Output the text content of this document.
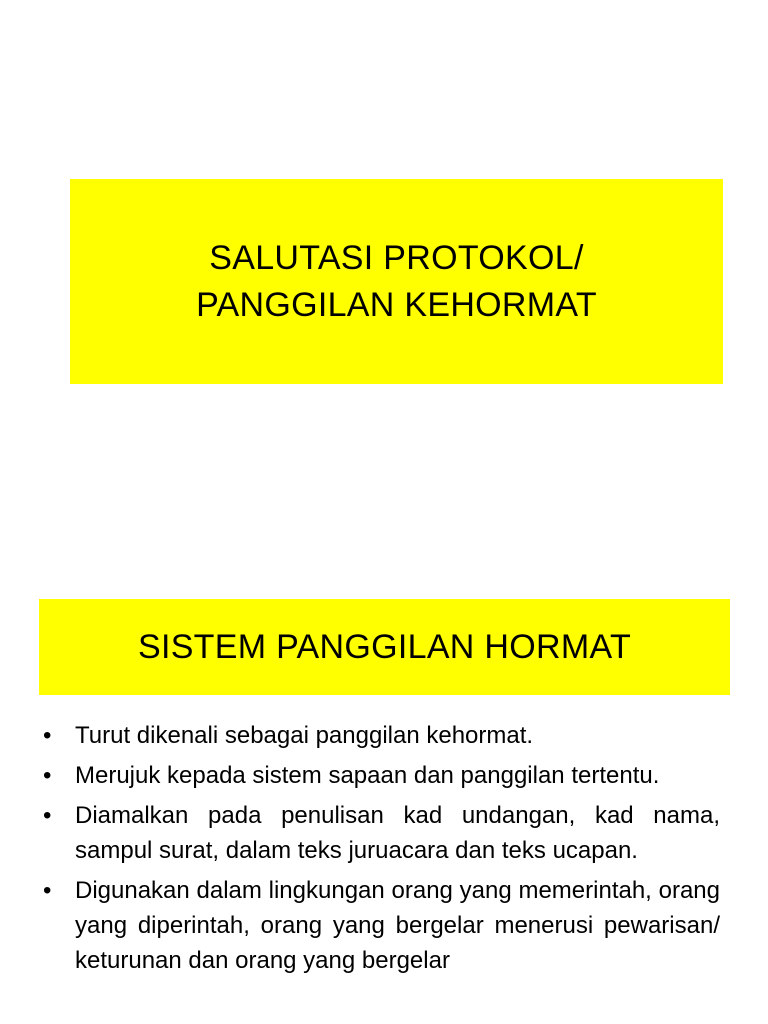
SALUTASI PROTOKOL/
PANGGILAN KEHORMAT
SISTEM PANGGILAN HORMAT
• Turut dikenali sebagai panggilan kehormat.
• Merujuk kepada sistem sapaan dan panggilan tertentu.
• Diamalkan pada penulisan kad undangan, kad nama, sampul surat, dalam teks juruacara dan teks ucapan.
• Digunakan dalam lingkungan orang yang memerintah, orang yang diperintah, orang yang bergelar menerusi pewarisan/ keturunan dan orang yang bergelar
